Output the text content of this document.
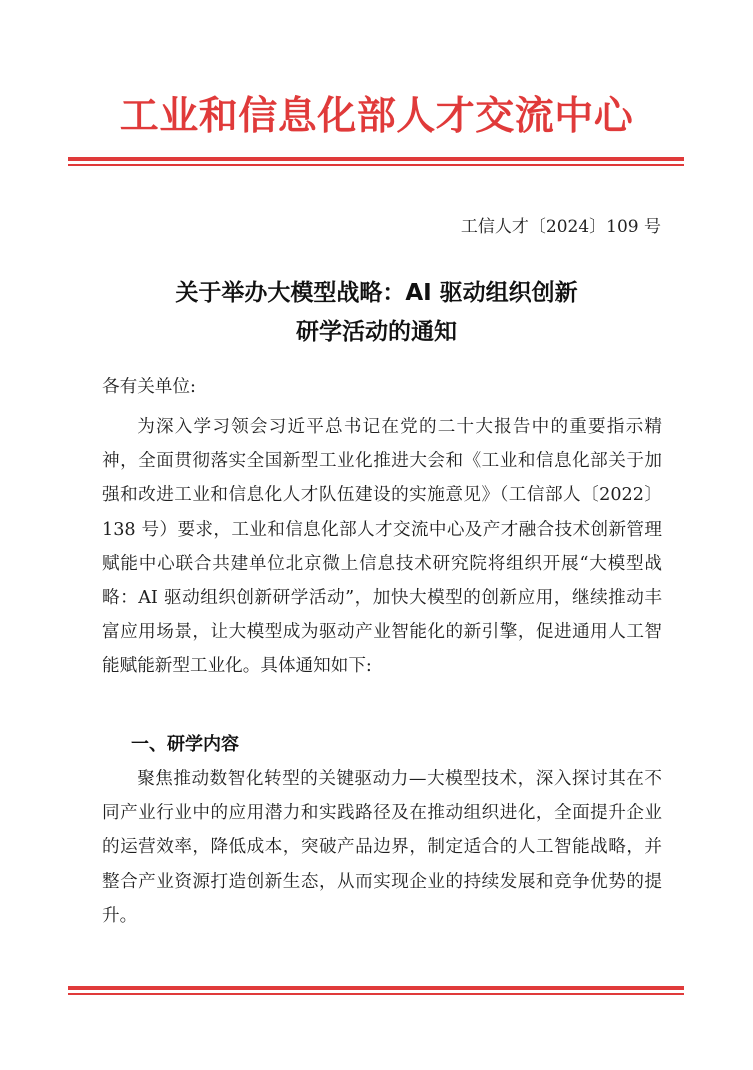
工业和信息化部人才交流中心
工信人才〔2024〕109 号
关于举办大模型战略：AI 驱动组织创新
研学活动的通知
各有关单位:

为深入学习领会习近平总书记在党的二十大报告中的重要指示精神，全面贯彻落实全国新型工业化推进大会和《工业和信息化部关于加强和改进工业和信息化人才队伍建设的实施意见》（工信部人〔2022〕138 号）要求，工业和信息化部人才交流中心及产才融合技术创新管理赋能中心联合共建单位北京微上信息技术研究院将组织开展“大模型战略：AI 驱动组织创新研学活动”，加快大模型的创新应用，继续推动丰富应用场景，让大模型成为驱动产业智能化的新引擎，促进通用人工智能赋能新型工业化。具体通知如下:

一、研学内容

聚焦推动数智化转型的关键驱动力—大模型技术，深入探讨其在不同产业行业中的应用潜力和实践路径及在推动组织进化，全面提升企业的运营效率，降低成本，突破产品边界，制定适合的人工智能战略，并整合产业资源打造创新生态，从而实现企业的持续发展和竞争优势的提升。
